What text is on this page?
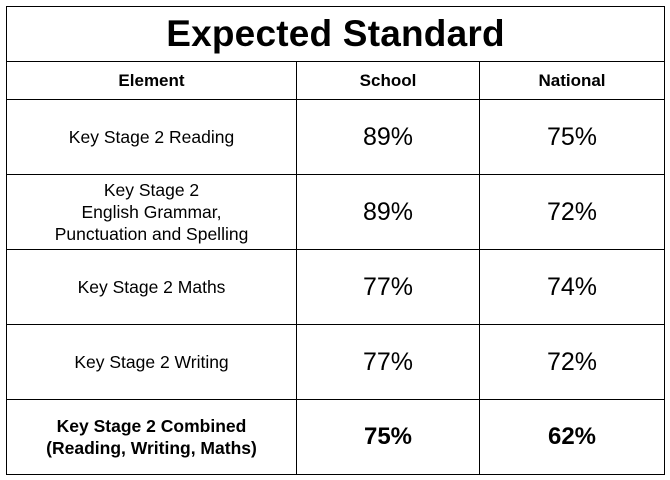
Expected Standard		
Element	School	National
Key Stage 2 Reading	89%	75%
Key Stage 2
English Grammar,
Punctuation and Spelling	89%	72%
Key Stage 2 Maths	77%	74%
Key Stage 2 Writing	77%	72%
Key Stage 2 Combined
(Reading, Writing, Maths)	75%	62%
